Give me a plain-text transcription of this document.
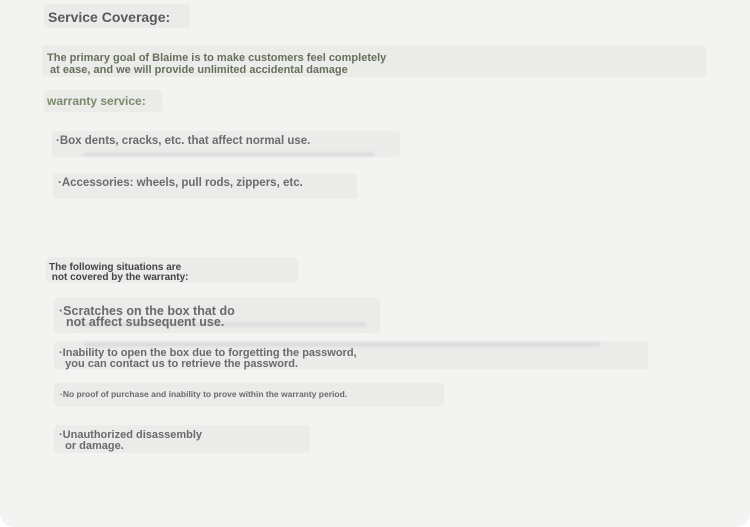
Service Coverage:
The primary goal of Blaime is to make customers feel completely
at ease, and we will provide unlimited accidental damage
warranty service:
·Box dents, cracks, etc. that affect normal use.
·Accessories: wheels, pull rods, zippers, etc.
The following situations are
not covered by the warranty:
·Scratches on the box that do
not affect subsequent use.
·Inability to open the box due to forgetting the password,
you can contact us to retrieve the password.
·No proof of purchase and inability to prove within the warranty period.
·Unauthorized disassembly
or damage.
